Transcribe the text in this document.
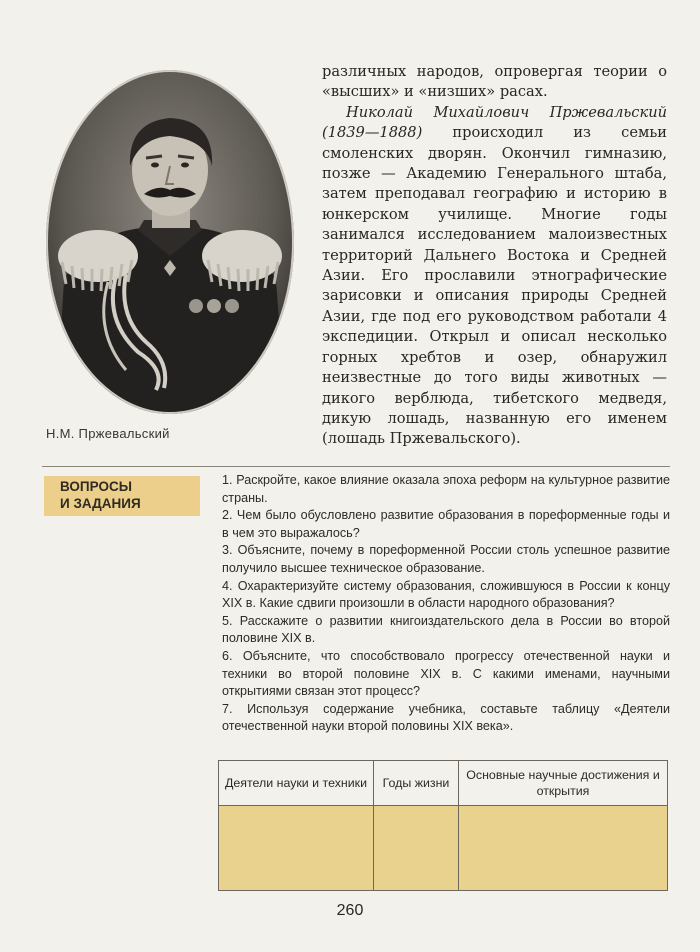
Н.М. Пржевальский

различных народов, опровергая теории о «высших» и «низших» расах.

Николай Михайлович Пржевальский (1839—1888) происходил из семьи смоленских дворян. Окончил гимназию, позже — Академию Генерального штаба, затем преподавал географию и историю в юнкерском училище. Многие годы занимался исследованием малоизвестных территорий Дальнего Востока и Средней Азии. Его прославили этнографические зарисовки и описания природы Средней Азии, где под его руководством работали 4 экспедиции. Открыл и описал несколько горных хребтов и озер, обнаружил неизвестные до того виды животных — дикого верблюда, тибетского медведя, дикую лошадь, названную его именем (лошадь Пржевальского).

ВОПРОСЫ
И ЗАДАНИЯ

1. Раскройте, какое влияние оказала эпоха реформ на культурное развитие страны.

2. Чем было обусловлено развитие образования в пореформенные годы и в чем это выражалось?

3. Объясните, почему в пореформенной России столь успешное развитие получило высшее техническое образование.

4. Охарактеризуйте систему образования, сложившуюся в России к концу XIX в. Какие сдвиги произошли в области народного образования?

5. Расскажите о развитии книгоиздательского дела в России во второй половине XIX в.

6. Объясните, что способствовало прогрессу отечественной науки и техники во второй половине XIX в. С какими именами, научными открытиями связан этот процесс?

7. Используя содержание учебника, составьте таблицу «Деятели отечественной науки второй половины XIX века».

Деятели науки и техники	Годы жизни	Основные научные достижения и открытия

260
